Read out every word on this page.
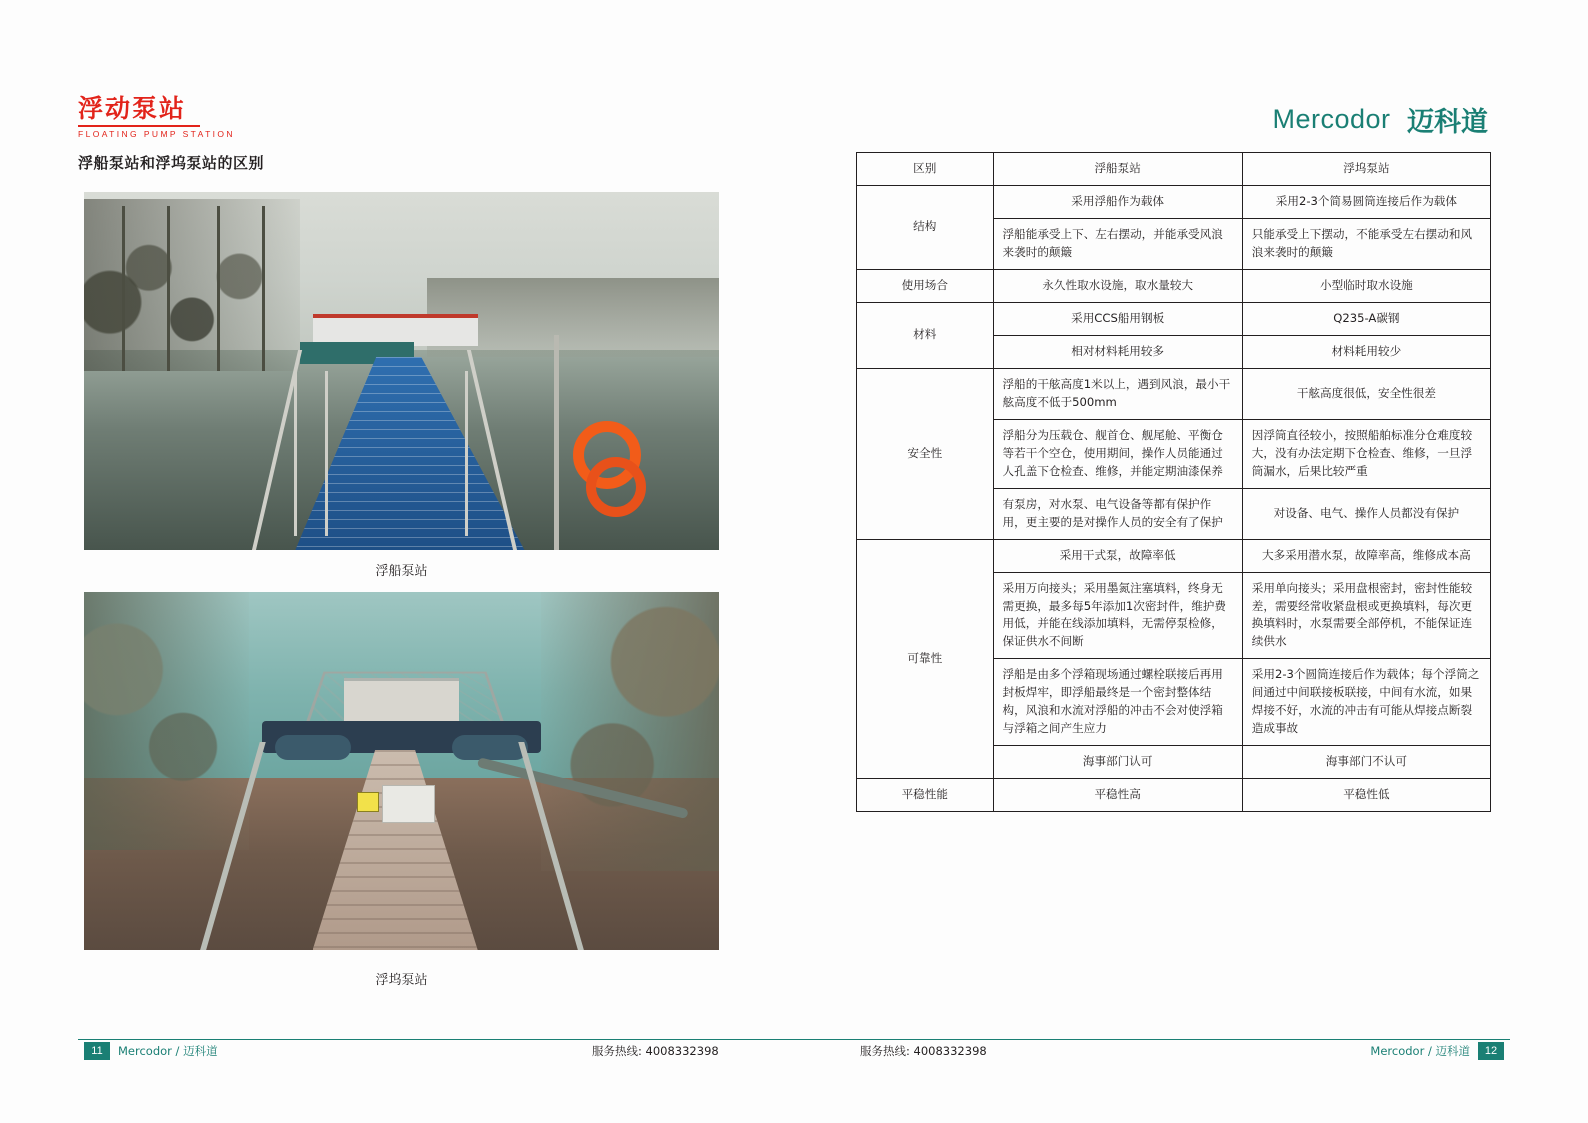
浮动泵站
FLOATING PUMP STATION
Mercodor 迈科道
浮船泵站和浮坞泵站的区别
浮船泵站
浮坞泵站
区别	浮船泵站	浮坞泵站
结构	采用浮船作为载体	采用2-3个简易圆筒连接后作为载体
	浮船能承受上下、左右摆动，并能承受风浪来袭时的颠簸	只能承受上下摆动，不能承受左右摆动和风浪来袭时的颠簸
使用场合	永久性取水设施，取水量较大	小型临时取水设施
材料	采用CCS船用钢板	Q235-A碳钢
	相对材料耗用较多	材料耗用较少
安全性	浮船的干舷高度1米以上，遇到风浪，最小干舷高度不低于500mm	干舷高度很低，安全性很差
	浮船分为压载仓、舰首仓、舰尾舱、平衡仓等若干个空仓，使用期间，操作人员能通过人孔盖下仓检查、维修，并能定期油漆保养	因浮筒直径较小，按照船舶标准分仓难度较大，没有办法定期下仓检查、维修，一旦浮筒漏水，后果比较严重
	有泵房，对水泵、电气设备等都有保护作用，更主要的是对操作人员的安全有了保护	对设备、电气、操作人员都没有保护
可靠性	采用干式泵，故障率低	大多采用潜水泵，故障率高，维修成本高
	采用万向接头；采用墨氮注塞填料，终身无需更换，最多每5年添加1次密封件，维护费用低，并能在线添加填料，无需停泵检修，保证供水不间断	采用单向接头；采用盘根密封，密封性能较差，需要经常收紧盘根或更换填料，每次更换填料时，水泵需要全部停机，不能保证连续供水
	浮船是由多个浮箱现场通过螺栓联接后再用封板焊牢，即浮船最终是一个密封整体结构，风浪和水流对浮船的冲击不会对使浮箱与浮箱之间产生应力	采用2-3个圆筒连接后作为载体；每个浮筒之间通过中间联接板联接，中间有水流，如果焊接不好，水流的冲击有可能从焊接点断裂造成事故
	海事部门认可	海事部门不认可
平稳性能	平稳性高	平稳性低
11	Mercodor / 迈科道	服务热线: 4008332398	服务热线: 4008332398	Mercodor / 迈科道	12
